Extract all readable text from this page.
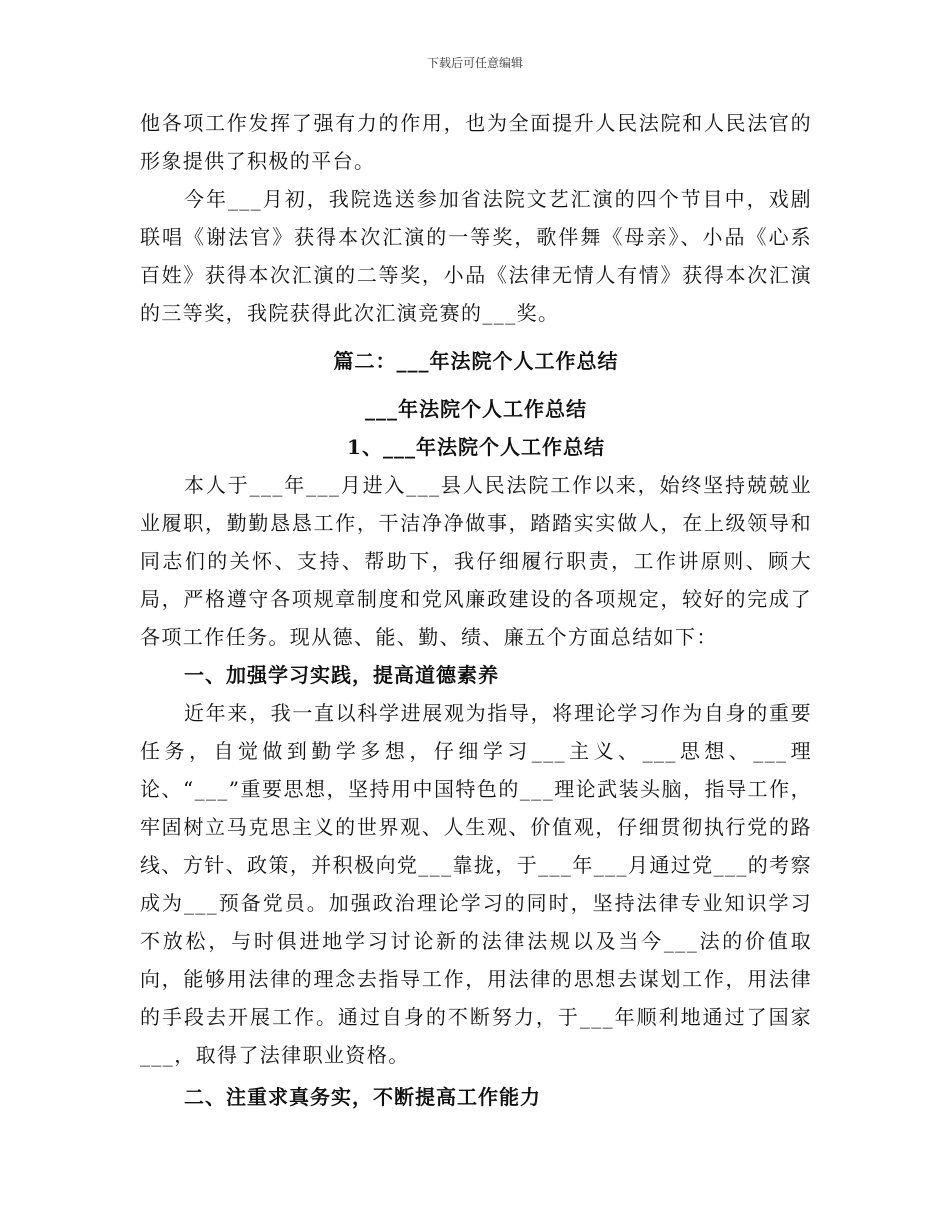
下载后可任意编辑

他各项工作发挥了强有力的作用，也为全面提升人民法院和人民法官的形象提供了积极的平台。

今年___月初，我院选送参加省法院文艺汇演的四个节目中，戏剧联唱《谢法官》获得本次汇演的一等奖，歌伴舞《母亲》、小品《心系百姓》获得本次汇演的二等奖，小品《法律无情人有情》获得本次汇演的三等奖，我院获得此次汇演竞赛的___奖。

篇二：___年法院个人工作总结

___年法院个人工作总结

1、___年法院个人工作总结

本人于___年___月进入___县人民法院工作以来，始终坚持兢兢业业履职，勤勤恳恳工作，干洁净净做事，踏踏实实做人，在上级领导和同志们的关怀、支持、帮助下，我仔细履行职责，工作讲原则、顾大局，严格遵守各项规章制度和党风廉政建设的各项规定，较好的完成了各项工作任务。现从德、能、勤、绩、廉五个方面总结如下：

一、加强学习实践，提高道德素养

近年来，我一直以科学进展观为指导，将理论学习作为自身的重要任务，自觉做到勤学多想，仔细学习___主义、___思想、___理论、“___”重要思想，坚持用中国特色的___理论武装头脑，指导工作，牢固树立马克思主义的世界观、人生观、价值观，仔细贯彻执行党的路线、方针、政策，并积极向党___靠拢，于___年___月通过党___的考察成为___预备党员。加强政治理论学习的同时，坚持法律专业知识学习不放松，与时俱进地学习讨论新的法律法规以及当今___法的价值取向，能够用法律的理念去指导工作，用法律的思想去谋划工作，用法律的手段去开展工作。通过自身的不断努力，于___年顺利地通过了国家___，取得了法律职业资格。

二、注重求真务实，不断提高工作能力
